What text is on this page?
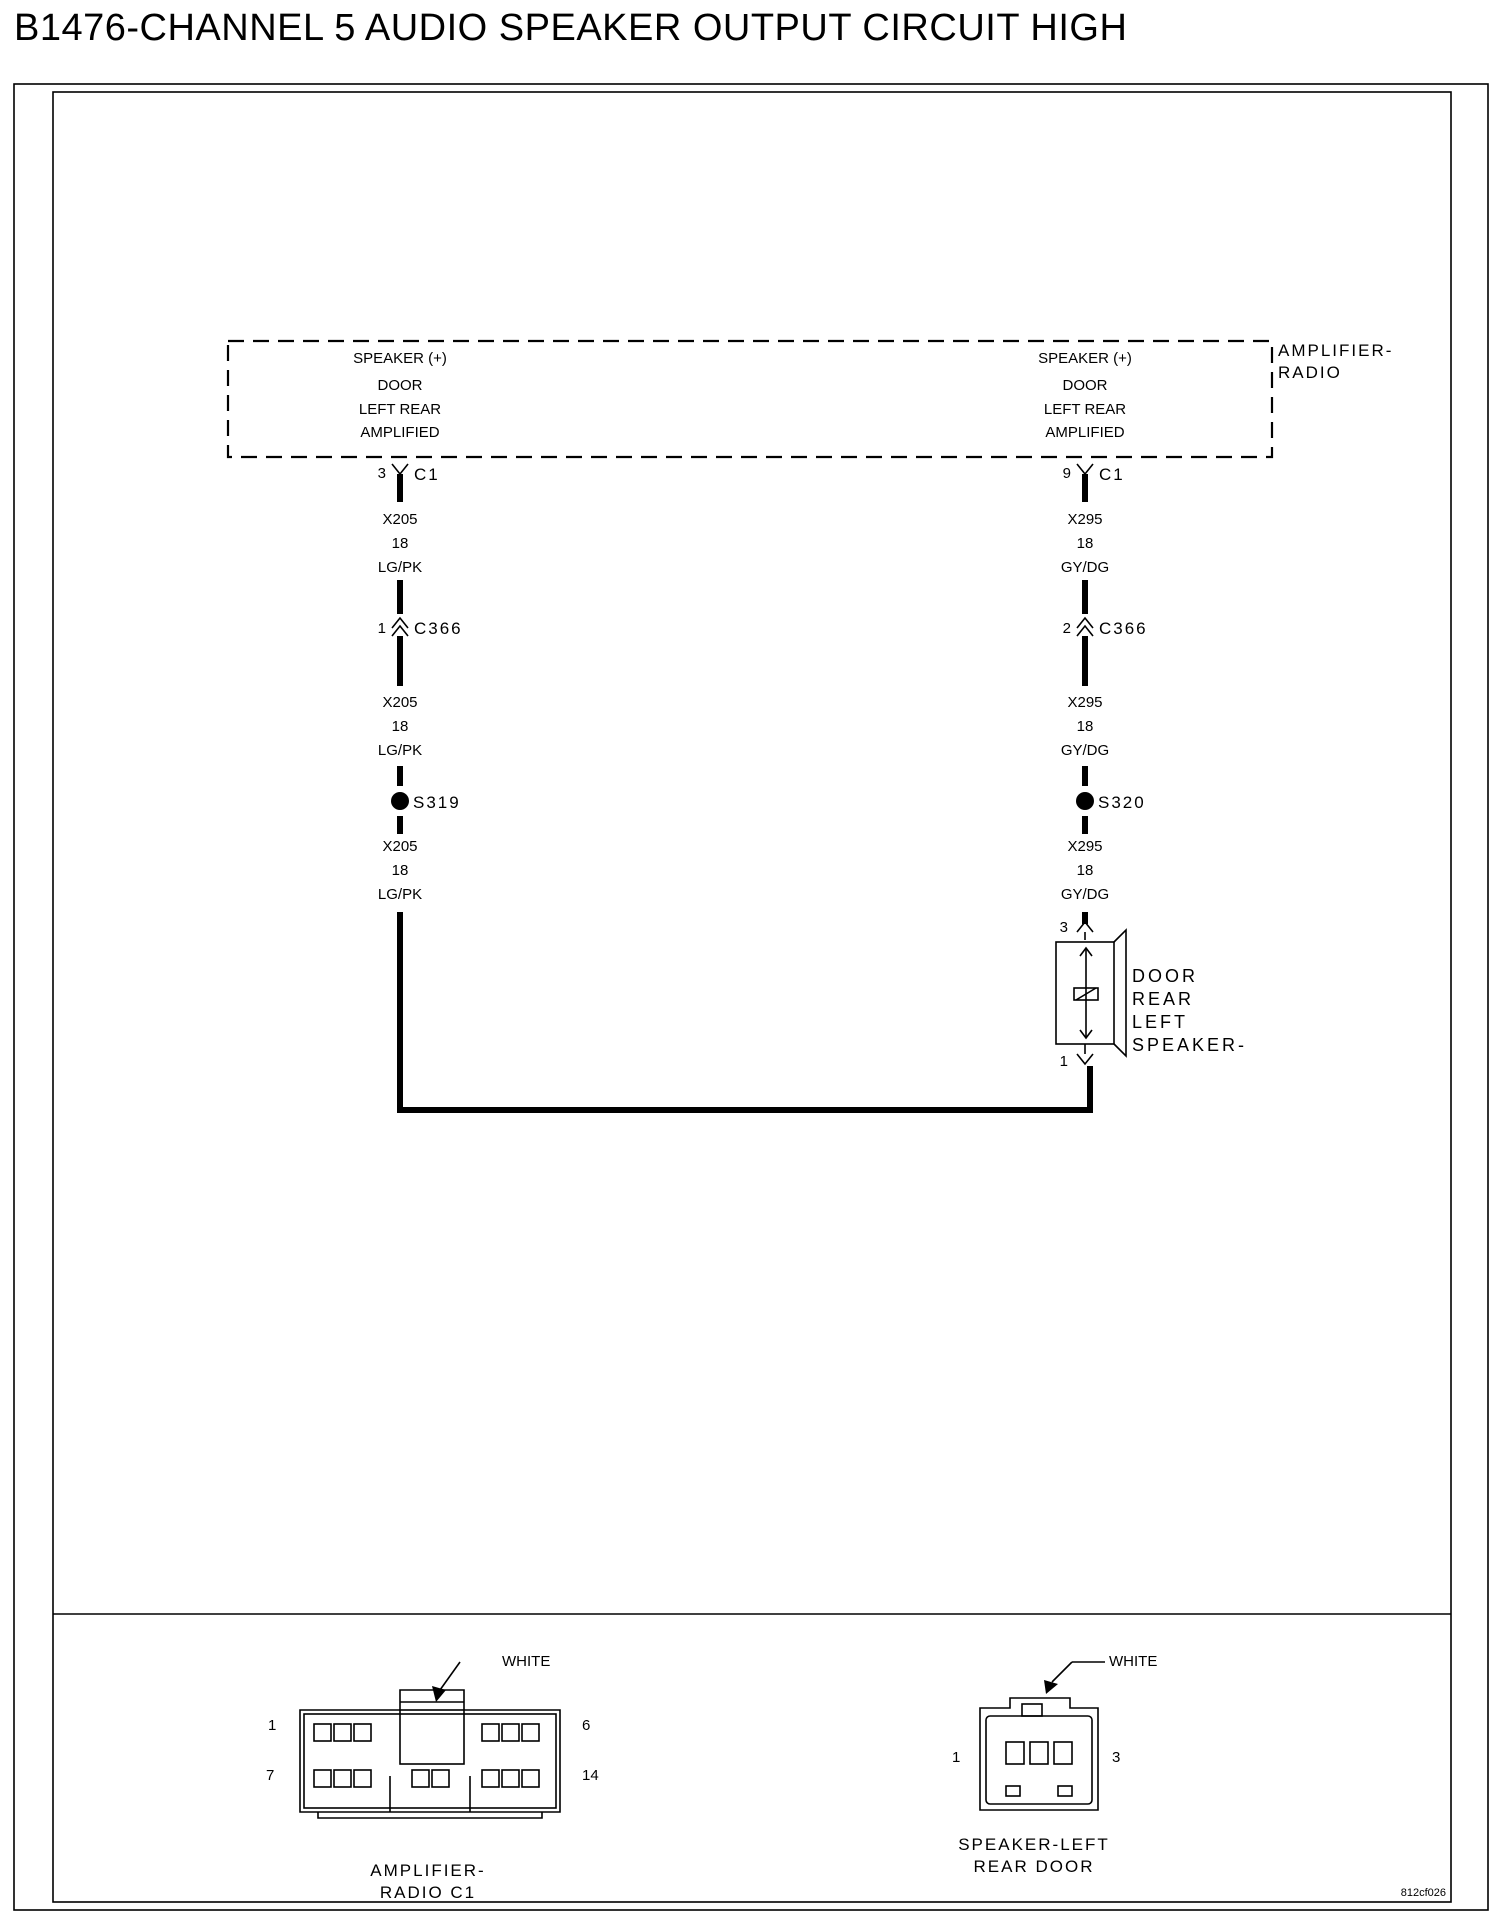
B1476-CHANNEL 5 AUDIO SPEAKER OUTPUT CIRCUIT HIGH
AMPLIFIER-
RADIO
SPEAKER (+)
DOOR
LEFT REAR
AMPLIFIED
SPEAKER (+)
DOOR
LEFT REAR
AMPLIFIED
3 C1
X205
18
LG/PK
1 C366
X205
18
LG/PK
S319
X205
18
LG/PK
9 C1
X295
18
GY/DG
2 C366
X295
18
GY/DG
S320
X295
18
GY/DG
3
1
DOOR
REAR
LEFT
SPEAKER-
WHITE
1	6
7	14
AMPLIFIER-
RADIO C1
WHITE
1	3
SPEAKER-LEFT
REAR DOOR
812cf026
